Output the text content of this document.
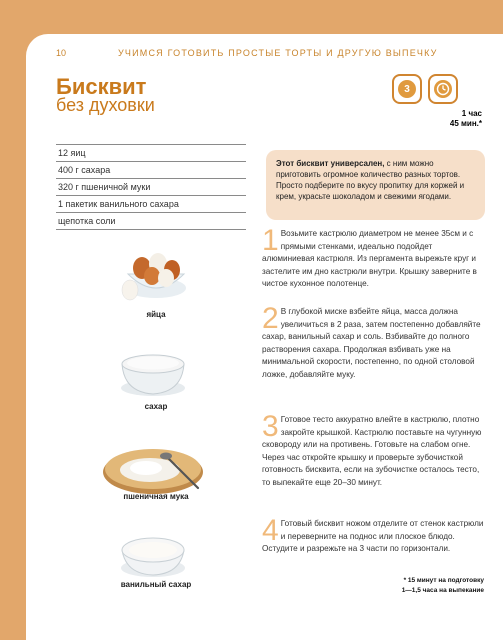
10	УЧИМСЯ ГОТОВИТЬ ПРОСТЫЕ ТОРТЫ И ДРУГУЮ ВЫПЕЧКУ
Бисквит
без духовки
3
1 час
45 мин.*
12 яиц
400 г сахара
320 г пшеничной муки
1 пакетик ванильного сахара
щепотка соли
Этот бисквит универсален, с ним можно приготовить огромное количество разных тортов. Просто подберите по вкусу пропитку для коржей и крем, украсьте шоколадом и свежими ягодами.
яйца
сахар
пшеничная мука
ванильный сахар
1 Возьмите кастрюлю диаметром не менее 35см и с прямыми стенками, идеально подойдет алюминиевая кастрюля. Из пергамента вырежьте круг и застелите им дно кастрюли внутри. Крышку заверните в чистое кухонное полотенце.
2 В глубокой миске взбейте яйца, масса должна увеличиться в 2 раза, затем постепенно добавляйте сахар, ванильный сахар и соль. Взбивайте до полного растворения сахара. Продолжая взбивать уже на минимальной скорости, постепенно, по одной столовой ложке, добавляйте муку.
3 Готовое тесто аккуратно влейте в кастрюлю, плотно закройте крышкой. Кастрюлю поставьте на чугунную сковороду или на противень. Готовьте на слабом огне. Через час откройте крышку и проверьте зубочисткой готовность бисквита, если на зубочистке осталось тесто, то выпекайте еще 20–30 минут.
4 Готовый бисквит ножом отделите от стенок кастрюли и переверните на поднос или плоское блюдо. Остудите и разрежьте на 3 части по горизонтали.
* 15 минут на подготовку
1—1,5 часа на выпекание
